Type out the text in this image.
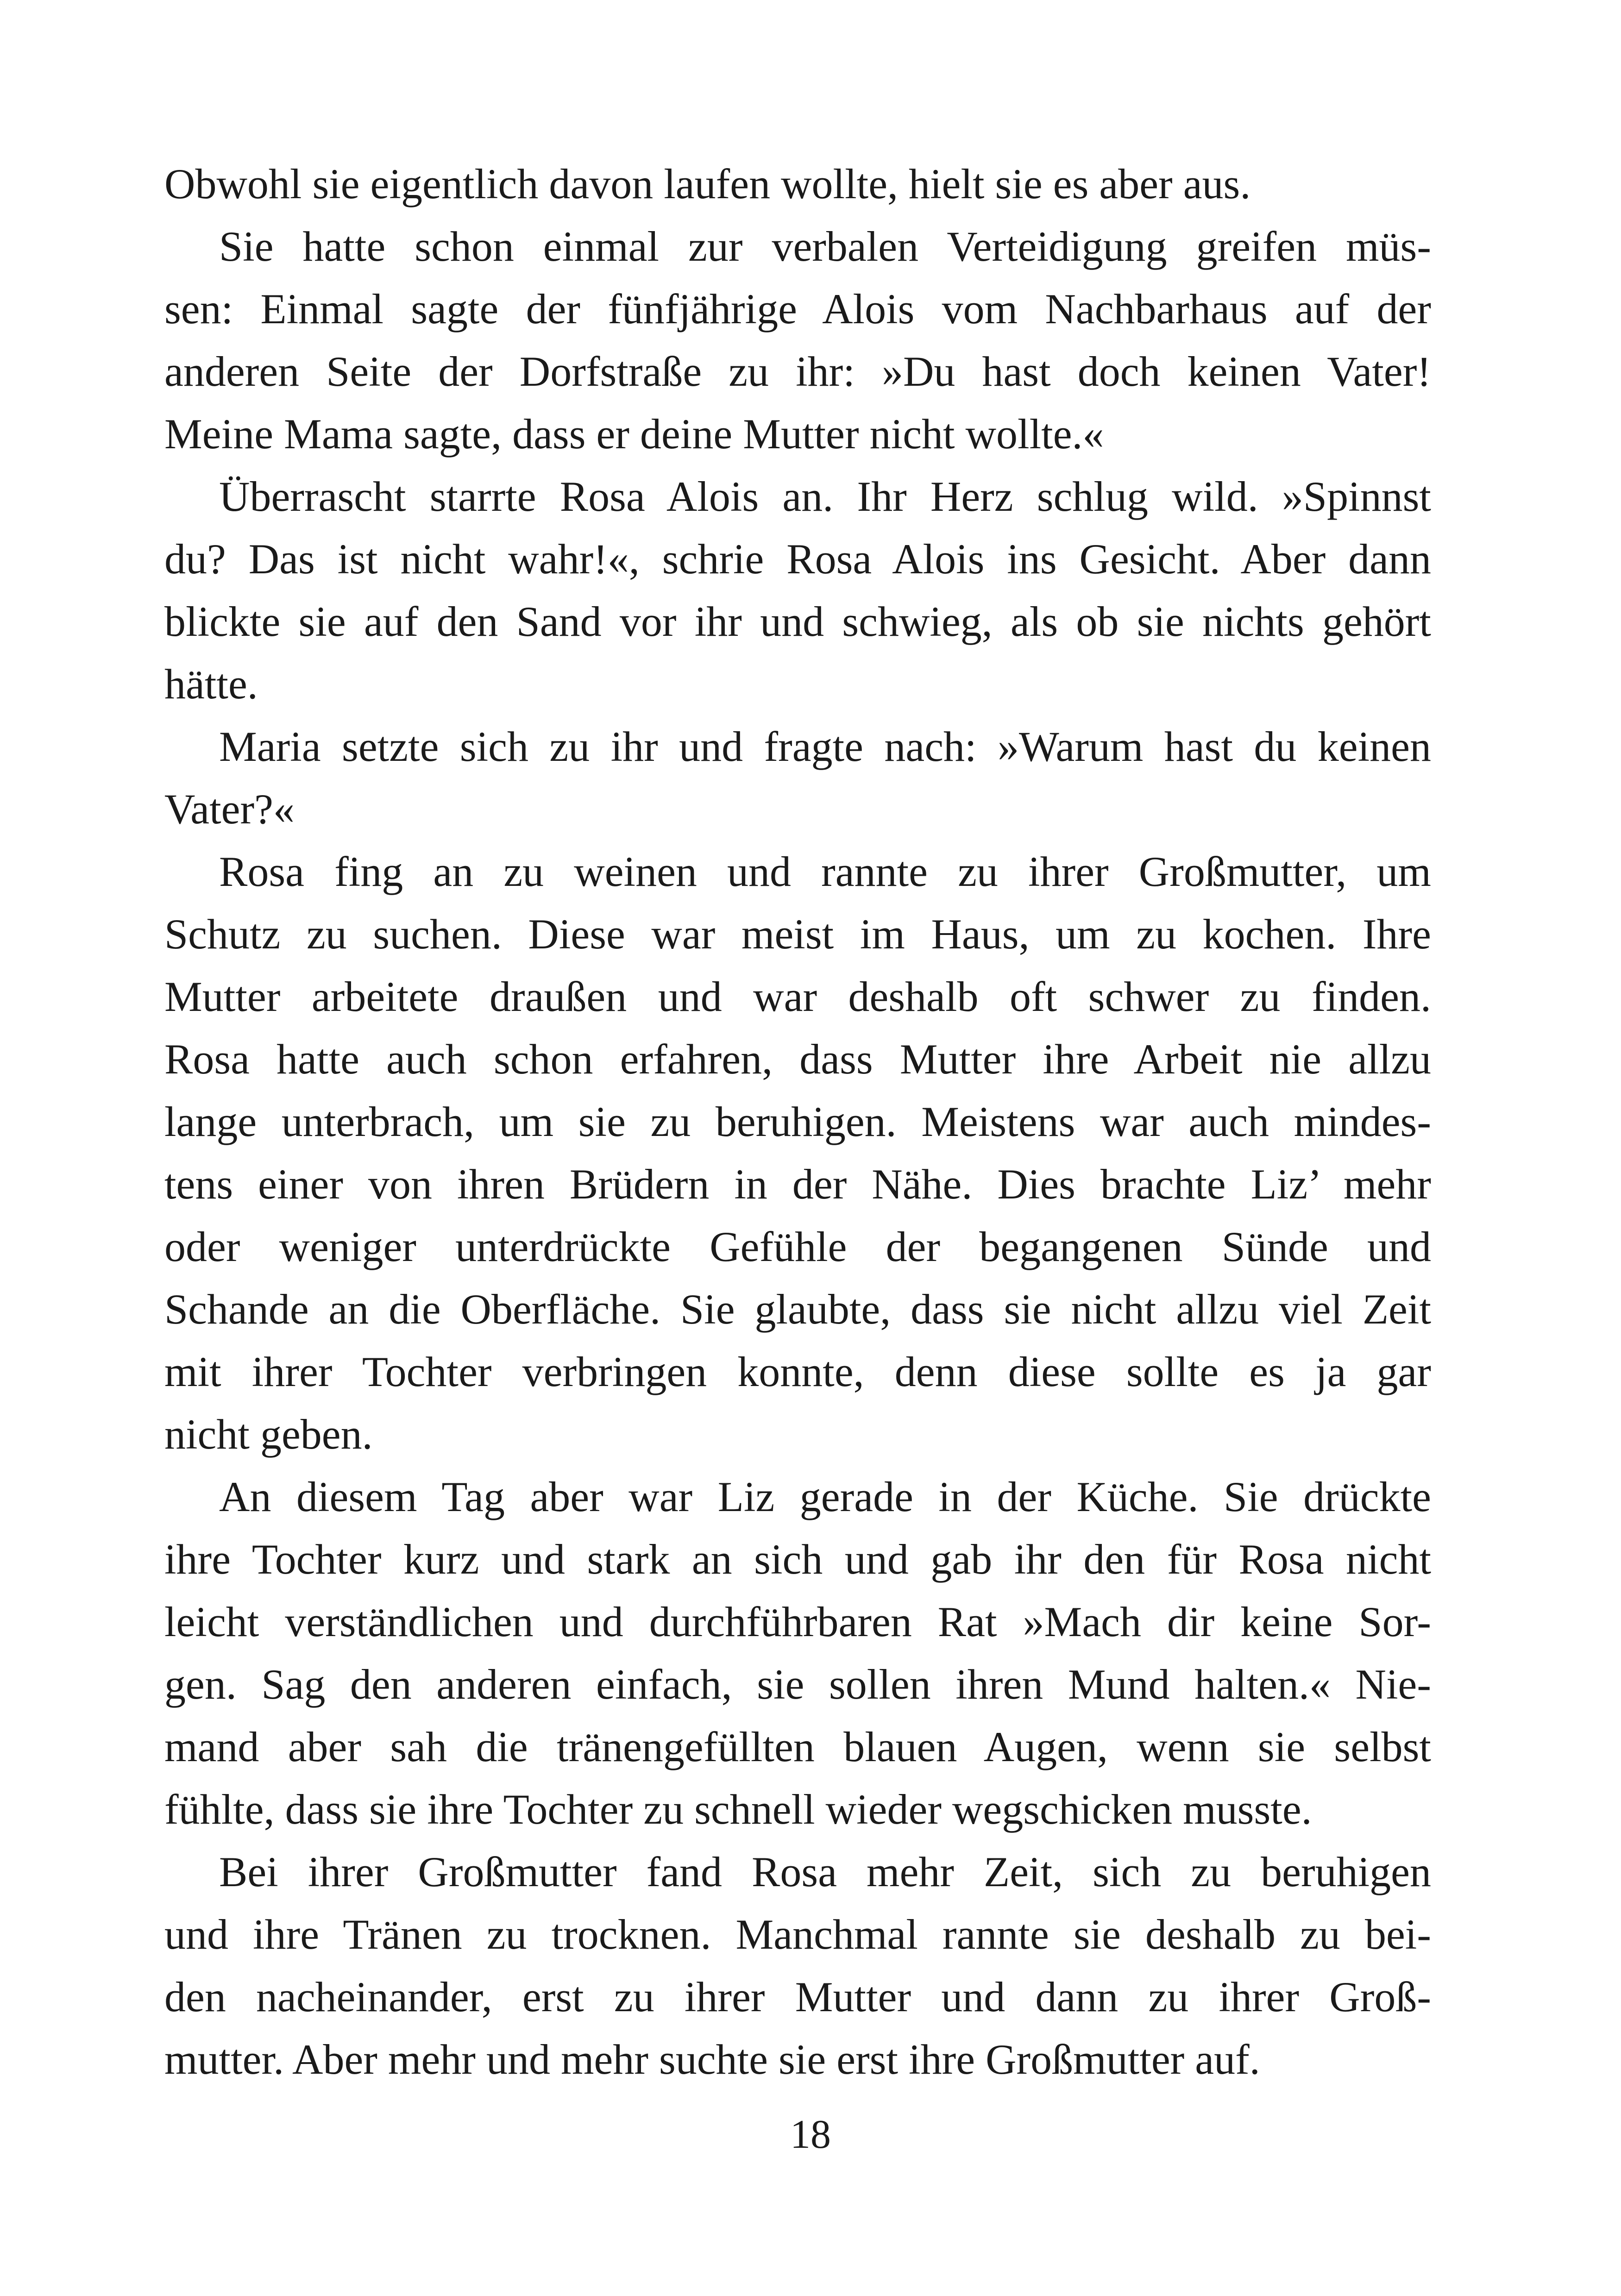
Obwohl sie eigentlich davon laufen wollte, hielt sie es aber aus.
Sie hatte schon einmal zur verbalen Verteidigung greifen müs-
sen: Einmal sagte der fünfjährige Alois vom Nachbarhaus auf der
anderen Seite der Dorfstraße zu ihr: »Du hast doch keinen Vater!
Meine Mama sagte, dass er deine Mutter nicht wollte.«
Überrascht starrte Rosa Alois an. Ihr Herz schlug wild. »Spinnst
du? Das ist nicht wahr!«, schrie Rosa Alois ins Gesicht. Aber dann
blickte sie auf den Sand vor ihr und schwieg, als ob sie nichts gehört
hätte.
Maria setzte sich zu ihr und fragte nach: »Warum hast du keinen
Vater?«
Rosa fing an zu weinen und rannte zu ihrer Großmutter, um
Schutz zu suchen. Diese war meist im Haus, um zu kochen. Ihre
Mutter arbeitete draußen und war deshalb oft schwer zu finden.
Rosa hatte auch schon erfahren, dass Mutter ihre Arbeit nie allzu
lange unterbrach, um sie zu beruhigen. Meistens war auch mindes-
tens einer von ihren Brüdern in der Nähe. Dies brachte Liz’ mehr
oder weniger unterdrückte Gefühle der begangenen Sünde und
Schande an die Oberfläche. Sie glaubte, dass sie nicht allzu viel Zeit
mit ihrer Tochter verbringen konnte, denn diese sollte es ja gar
nicht geben.
An diesem Tag aber war Liz gerade in der Küche. Sie drückte
ihre Tochter kurz und stark an sich und gab ihr den für Rosa nicht
leicht verständlichen und durchführbaren Rat »Mach dir keine Sor-
gen. Sag den anderen einfach, sie sollen ihren Mund halten.« Nie-
mand aber sah die tränengefüllten blauen Augen, wenn sie selbst
fühlte, dass sie ihre Tochter zu schnell wieder wegschicken musste.
Bei ihrer Großmutter fand Rosa mehr Zeit, sich zu beruhigen
und ihre Tränen zu trocknen. Manchmal rannte sie deshalb zu bei-
den nacheinander, erst zu ihrer Mutter und dann zu ihrer Groß-
mutter. Aber mehr und mehr suchte sie erst ihre Großmutter auf.
18
